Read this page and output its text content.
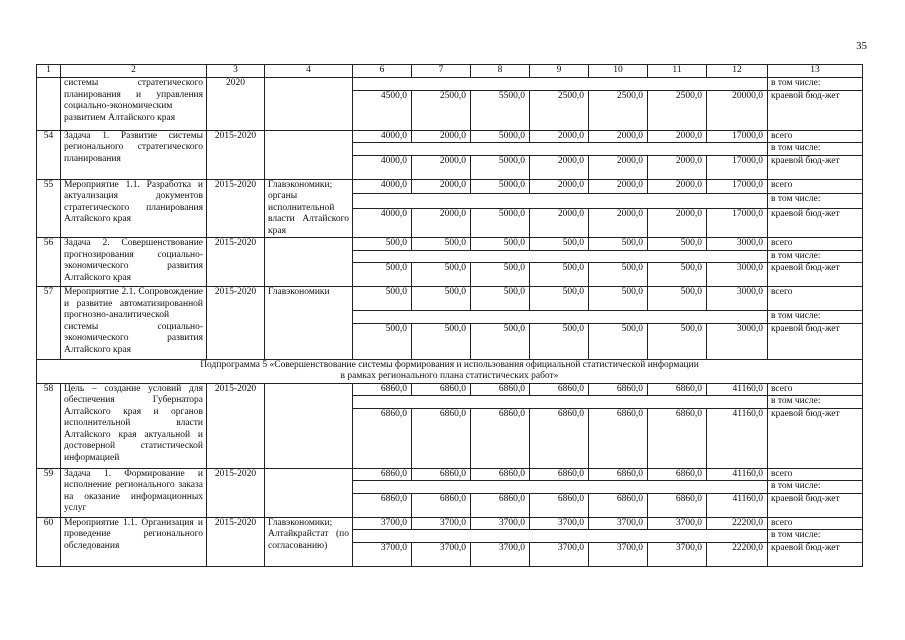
35
1	2	3	4	6	7	8	9	10	11	12	13
	системы стратегического планирования и управления социально-экономическим развитием Алтайского края	2020									в том числе:
				4500,0	2500,0	5500,0	2500,0	2500,0	2500,0	20000,0	краевой бюд-жет
54	Задача 1. Развитие системы регионального стратегического планирования	2015-2020		4000,0	2000,0	5000,0	2000,0	2000,0	2000,0	17000,0	всего
											в том числе:
				4000,0	2000,0	5000,0	2000,0	2000,0	2000,0	17000,0	краевой бюд-жет
55	Мероприятие 1.1. Разработка и актуализация документов стратегического планирования Алтайского края	2015-2020	Главэкономики; органы исполнительной власти Алтайского края	4000,0	2000,0	5000,0	2000,0	2000,0	2000,0	17000,0	всего
											в том числе:
				4000,0	2000,0	5000,0	2000,0	2000,0	2000,0	17000,0	краевой бюд-жет
56	Задача 2. Совершенствование прогнозирования социально-экономического развития Алтайского края	2015-2020		500,0	500,0	500,0	500,0	500,0	500,0	3000,0	всего
											в том числе:
				500,0	500,0	500,0	500,0	500,0	500,0	3000,0	краевой бюд-жет
57	Мероприятие 2.1. Сопровождение и развитие автоматизированной прогнозно-аналитической системы социально-экономического развития Алтайского края	2015-2020	Главэкономики	500,0	500,0	500,0	500,0	500,0	500,0	3000,0	всего
											в том числе:
				500,0	500,0	500,0	500,0	500,0	500,0	3000,0	краевой бюд-жет

Подпрограмма 5 «Совершенствование системы формирования и использования официальной статистической информации
в рамках регионального плана статистических работ»											

58	Цель – создание условий для обеспечения Губернатора Алтайского края и органов исполнительной власти Алтайского края актуальной и достоверной статистической информацией	2015-2020		6860,0	6860,0	6860,0	6860,0	6860,0	6860,0	41160,0	всего
											в том числе:
				6860,0	6860,0	6860,0	6860,0	6860,0	6860,0	41160,0	краевой бюд-жет
59	Задача 1. Формирование и исполнение регионального заказа на оказание информационных услуг	2015-2020		6860,0	6860,0	6860,0	6860,0	6860,0	6860,0	41160,0	всего
											в том числе:
				6860,0	6860,0	6860,0	6860,0	6860,0	6860,0	41160,0	краевой бюд-жет
60	Мероприятие 1.1. Организация и проведение регионального обследования	2015-2020	Главэкономики; Алтайкрайстат (по согласованию)	3700,0	3700,0	3700,0	3700,0	3700,0	3700,0	22200,0	всего
											в том числе:
				3700,0	3700,0	3700,0	3700,0	3700,0	3700,0	22200,0	краевой бюд-жет
